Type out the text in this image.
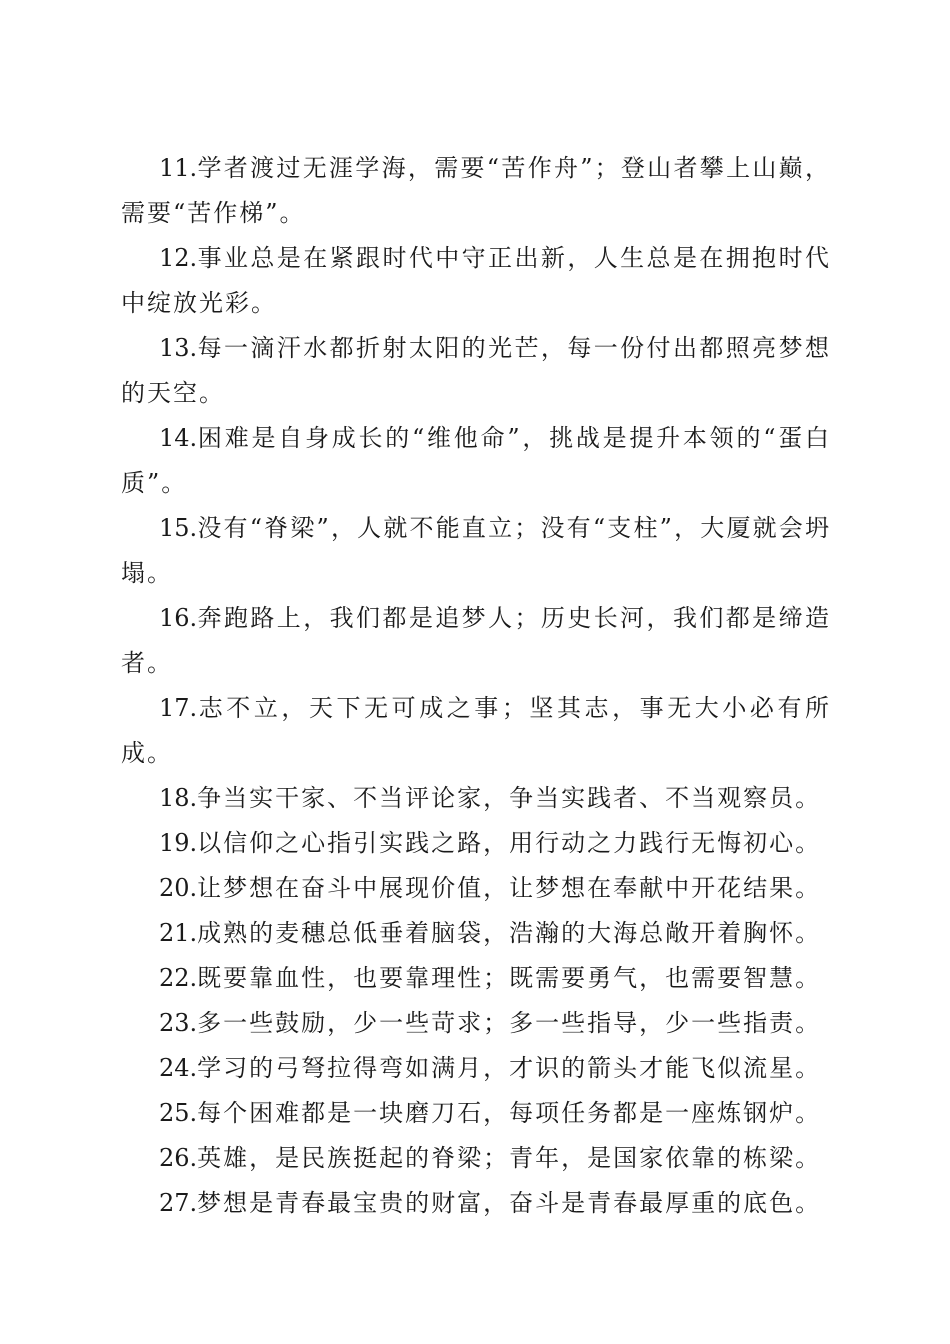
11.学者渡过无涯学海，需要“苦作舟”；登山者攀上山巅，需要“苦作梯”。

12.事业总是在紧跟时代中守正出新，人生总是在拥抱时代中绽放光彩。

13.每一滴汗水都折射太阳的光芒，每一份付出都照亮梦想的天空。

14.困难是自身成长的“维他命”，挑战是提升本领的“蛋白质”。

15.没有“脊梁”，人就不能直立；没有“支柱”，大厦就会坍塌。

16.奔跑路上，我们都是追梦人；历史长河，我们都是缔造者。

17.志不立，天下无可成之事；坚其志，事无大小必有所成。

18.争当实干家、不当评论家，争当实践者、不当观察员。

19.以信仰之心指引实践之路，用行动之力践行无悔初心。

20.让梦想在奋斗中展现价值，让梦想在奉献中开花结果。

21.成熟的麦穗总低垂着脑袋，浩瀚的大海总敞开着胸怀。

22.既要靠血性，也要靠理性；既需要勇气，也需要智慧。

23.多一些鼓励，少一些苛求；多一些指导，少一些指责。

24.学习的弓弩拉得弯如满月，才识的箭头才能飞似流星。

25.每个困难都是一块磨刀石，每项任务都是一座炼钢炉。

26.英雄，是民族挺起的脊梁；青年，是国家依靠的栋梁。

27.梦想是青春最宝贵的财富，奋斗是青春最厚重的底色。
